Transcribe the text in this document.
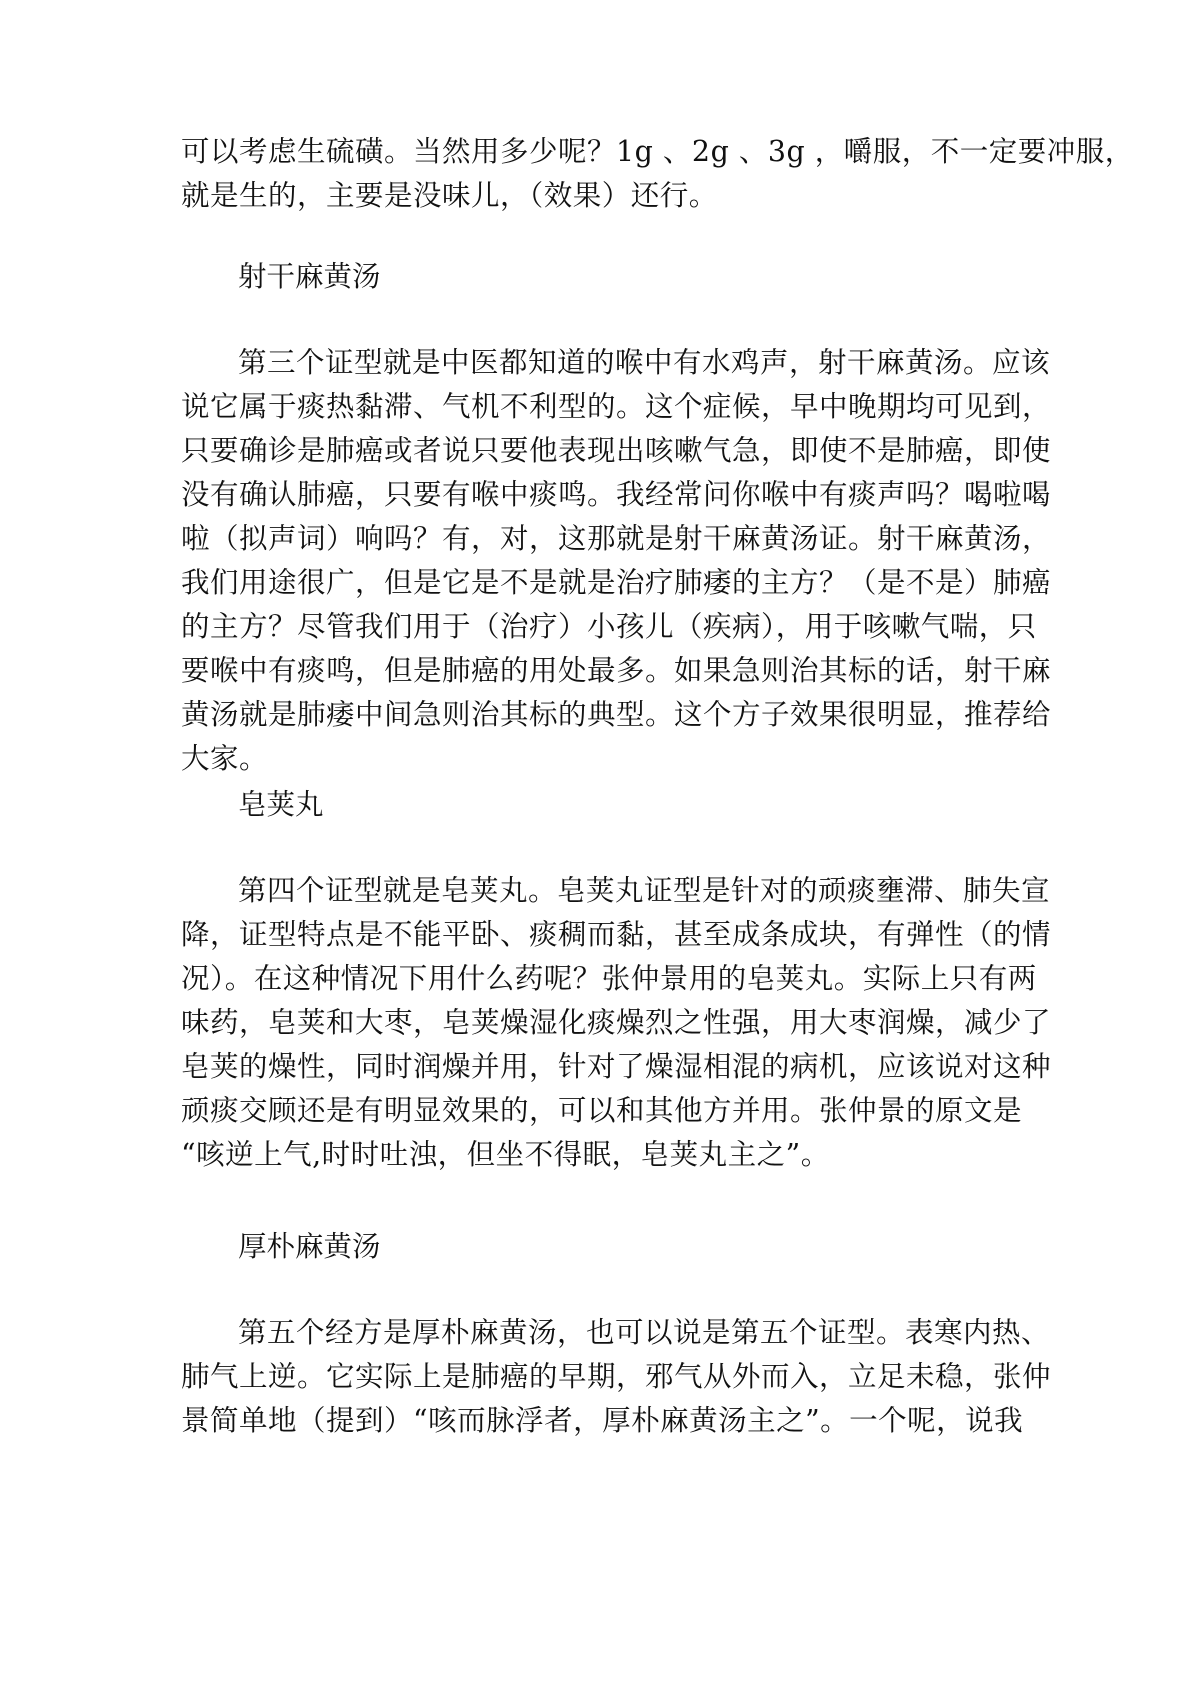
可以考虑生硫磺。当然用多少呢？1g 、2g 、3g ，嚼服，不一定要冲服，
就是生的，主要是没味儿，（效果）还行。

射干麻黄汤

第三个证型就是中医都知道的喉中有水鸡声，射干麻黄汤。应该
说它属于痰热黏滞、气机不利型的。这个症候，早中晚期均可见到，
只要确诊是肺癌或者说只要他表现出咳嗽气急，即使不是肺癌，即使
没有确认肺癌，只要有喉中痰鸣。我经常问你喉中有痰声吗？喝啦喝
啦（拟声词）响吗？有，对，这那就是射干麻黄汤证。射干麻黄汤，
我们用途很广，但是它是不是就是治疗肺痿的主方？（是不是）肺癌
的主方？尽管我们用于（治疗）小孩儿（疾病），用于咳嗽气喘，只
要喉中有痰鸣，但是肺癌的用处最多。如果急则治其标的话，射干麻
黄汤就是肺痿中间急则治其标的典型。这个方子效果很明显，推荐给
大家。

皂荚丸

第四个证型就是皂荚丸。皂荚丸证型是针对的顽痰壅滞、肺失宣
降，证型特点是不能平卧、痰稠而黏，甚至成条成块，有弹性（的情
况）。在这种情况下用什么药呢？张仲景用的皂荚丸。实际上只有两
味药，皂荚和大枣，皂荚燥湿化痰燥烈之性强，用大枣润燥，减少了
皂荚的燥性，同时润燥并用，针对了燥湿相混的病机，应该说对这种
顽痰交顾还是有明显效果的，可以和其他方并用。张仲景的原文是
“咳逆上气,时时吐浊，但坐不得眠，皂荚丸主之”。

厚朴麻黄汤

第五个经方是厚朴麻黄汤，也可以说是第五个证型。表寒内热、
肺气上逆。它实际上是肺癌的早期，邪气从外而入，立足未稳，张仲
景简单地（提到）“咳而脉浮者，厚朴麻黄汤主之”。一个呢，说我
